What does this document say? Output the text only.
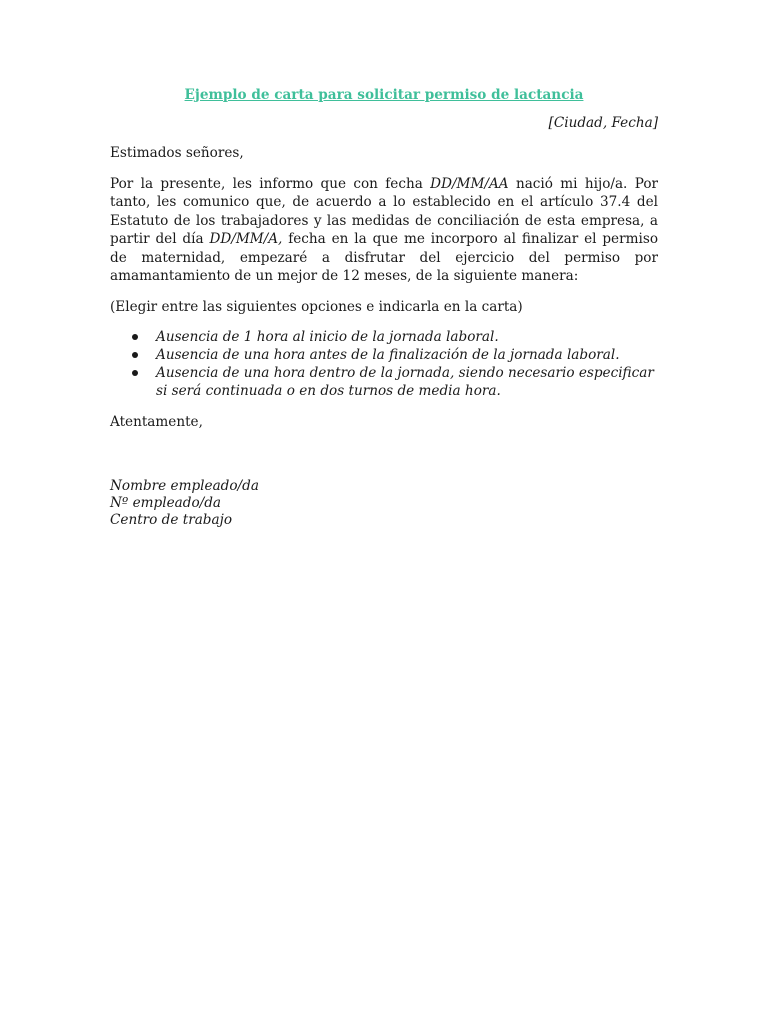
Ejemplo de carta para solicitar permiso de lactancia
[Ciudad, Fecha]
Estimados señores,
Por la presente, les informo que con fecha DD/MM/AA nació mi hijo/a. Por tanto, les comunico que, de acuerdo a lo establecido en el artículo 37.4 del Estatuto de los trabajadores y las medidas de conciliación de esta empresa, a partir del día DD/MM/A, fecha en la que me incorporo al finalizar el permiso de maternidad, empezaré a disfrutar del ejercicio del permiso por amamantamiento de un mejor de 12 meses, de la siguiente manera:
(Elegir entre las siguientes opciones e indicarla en la carta)
Ausencia de 1 hora al inicio de la jornada laboral.
Ausencia de una hora antes de la finalización de la jornada laboral.
Ausencia de una hora dentro de la jornada, siendo necesario especificar si será continuada o en dos turnos de media hora.
Atentamente,
Nombre empleado/da
Nº empleado/da
Centro de trabajo
